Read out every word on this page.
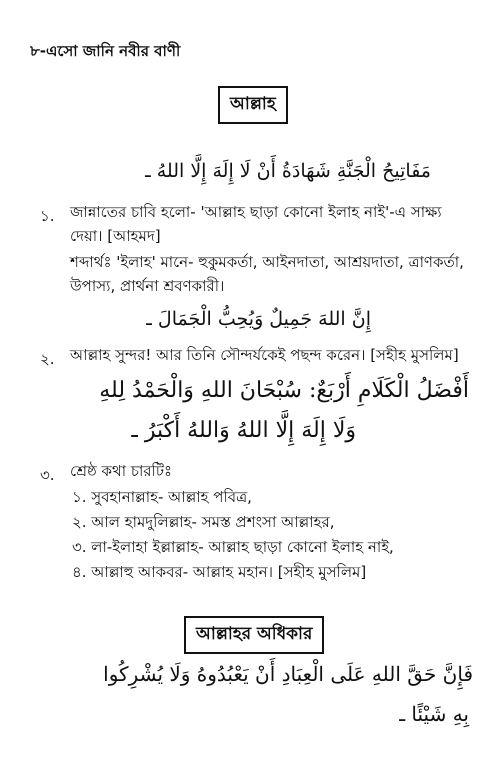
৮-এসো জানি নবীর বাণী
আল্লাহ
مَفَاتِيحُ الْجَنَّةِ شَهَادَةُ أَنْ لَا إِلَهَ إِلَّا اللهُ ـ
১. জান্নাতের চাবি হলো- 'আল্লাহ ছাড়া কোনো ইলাহ নাই'-এ সাক্ষ্য দেয়া। [আহমদ]
শব্দার্থঃ 'ইলাহ' মানে- হুকুমকর্তা, আইনদাতা, আশ্রয়দাতা, ত্রাণকর্তা, উপাস্য, প্রার্থনা শ্রবণকারী।
إِنَّ اللهَ جَمِيلٌ وَيُحِبُّ الْجَمَالَ ـ
২. আল্লাহ সুন্দর! আর তিনি সৌন্দর্যকেই পছন্দ করেন। [সহীহ মুসলিম]
أَفْضَلُ الْكَلَامِ أَرْبَعٌ: سُبْحَانَ اللهِ وَالْحَمْدُ لِلهِ
وَلَا إِلَهَ إِلَّا اللهُ وَاللهُ أَكْبَرُ ـ
৩. শ্রেষ্ঠ কথা চারটিঃ
১. সুবহানাল্লাহ- আল্লাহ পবিত্র,
২. আল হামদুলিল্লাহ- সমস্ত প্রশংসা আল্লাহর,
৩. লা-ইলাহা ইল্লাল্লাহ- আল্লাহ ছাড়া কোনো ইলাহ নাই,
৪. আল্লাহু আকবর- আল্লাহ মহান। [সহীহ মুসলিম]
আল্লাহর অধিকার
فَإِنَّ حَقَّ اللهِ عَلَى الْعِبَادِ أَنْ يَعْبُدُوهُ وَلَا يُشْرِكُوا
بِهِ شَيْئًا ـ
